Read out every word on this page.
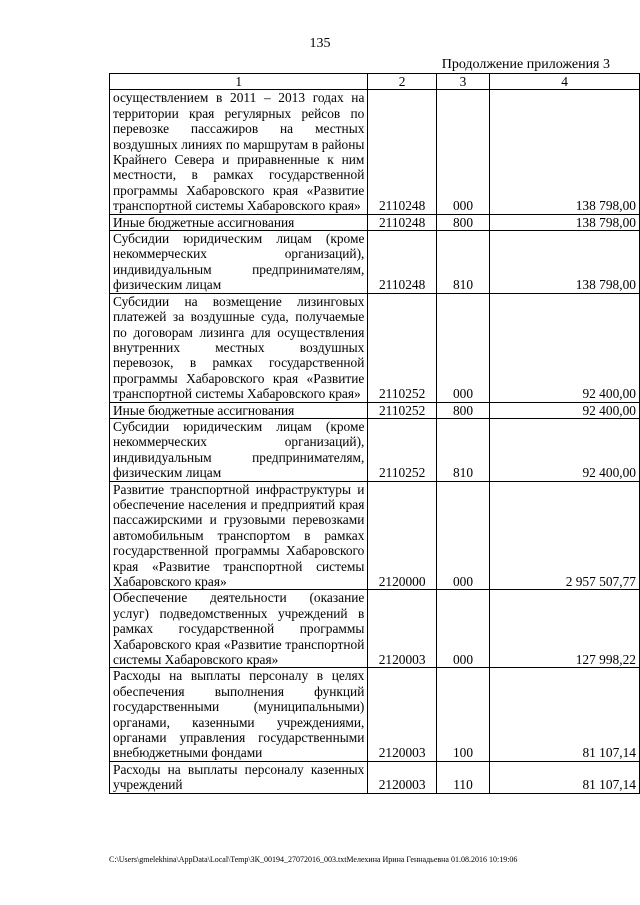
135
Продолжение приложения 3
1	2	3	4
осуществлением в 2011 – 2013 годах на территории края регулярных рейсов по перевозке пассажиров на местных воздушных линиях по маршрутам в районы Крайнего Севера и приравненные к ним местности, в рамках государственной программы Хабаровского края «Развитие транспортной системы Хабаровского края»	2110248	000	138 798,00
Иные бюджетные ассигнования	2110248	800	138 798,00
Субсидии юридическим лицам (кроме некоммерческих организаций), индивидуальным предпринимателям, физическим лицам	2110248	810	138 798,00
Субсидии на возмещение лизинговых платежей за воздушные суда, получаемые по договорам лизинга для осуществления внутренних местных воздушных перевозок, в рамках государственной программы Хабаровского края «Развитие транспортной системы Хабаровского края»	2110252	000	92 400,00
Иные бюджетные ассигнования	2110252	800	92 400,00
Субсидии юридическим лицам (кроме некоммерческих организаций), индивидуальным предпринимателям, физическим лицам	2110252	810	92 400,00
Развитие транспортной инфраструктуры и обеспечение населения и предприятий края пассажирскими и грузовыми перевозками автомобильным транспортом в рамках государственной программы Хабаровского края «Развитие транспортной системы Хабаровского края»	2120000	000	2 957 507,77
Обеспечение деятельности (оказание услуг) подведомственных учреждений в рамках государственной программы Хабаровского края «Развитие транспортной системы Хабаровского края»	2120003	000	127 998,22
Расходы на выплаты персоналу в целях обеспечения выполнения функций государственными (муниципальными) органами, казенными учреждениями, органами управления государственными внебюджетными фондами	2120003	100	81 107,14
Расходы на выплаты персоналу казенных учреждений	2120003	110	81 107,14
C:\Users\gmelekhina\AppData\Local\Temp\ЗК_00194_27072016_003.txtМелехина Ирина Геннадьевна 01.08.2016 10:19:06
